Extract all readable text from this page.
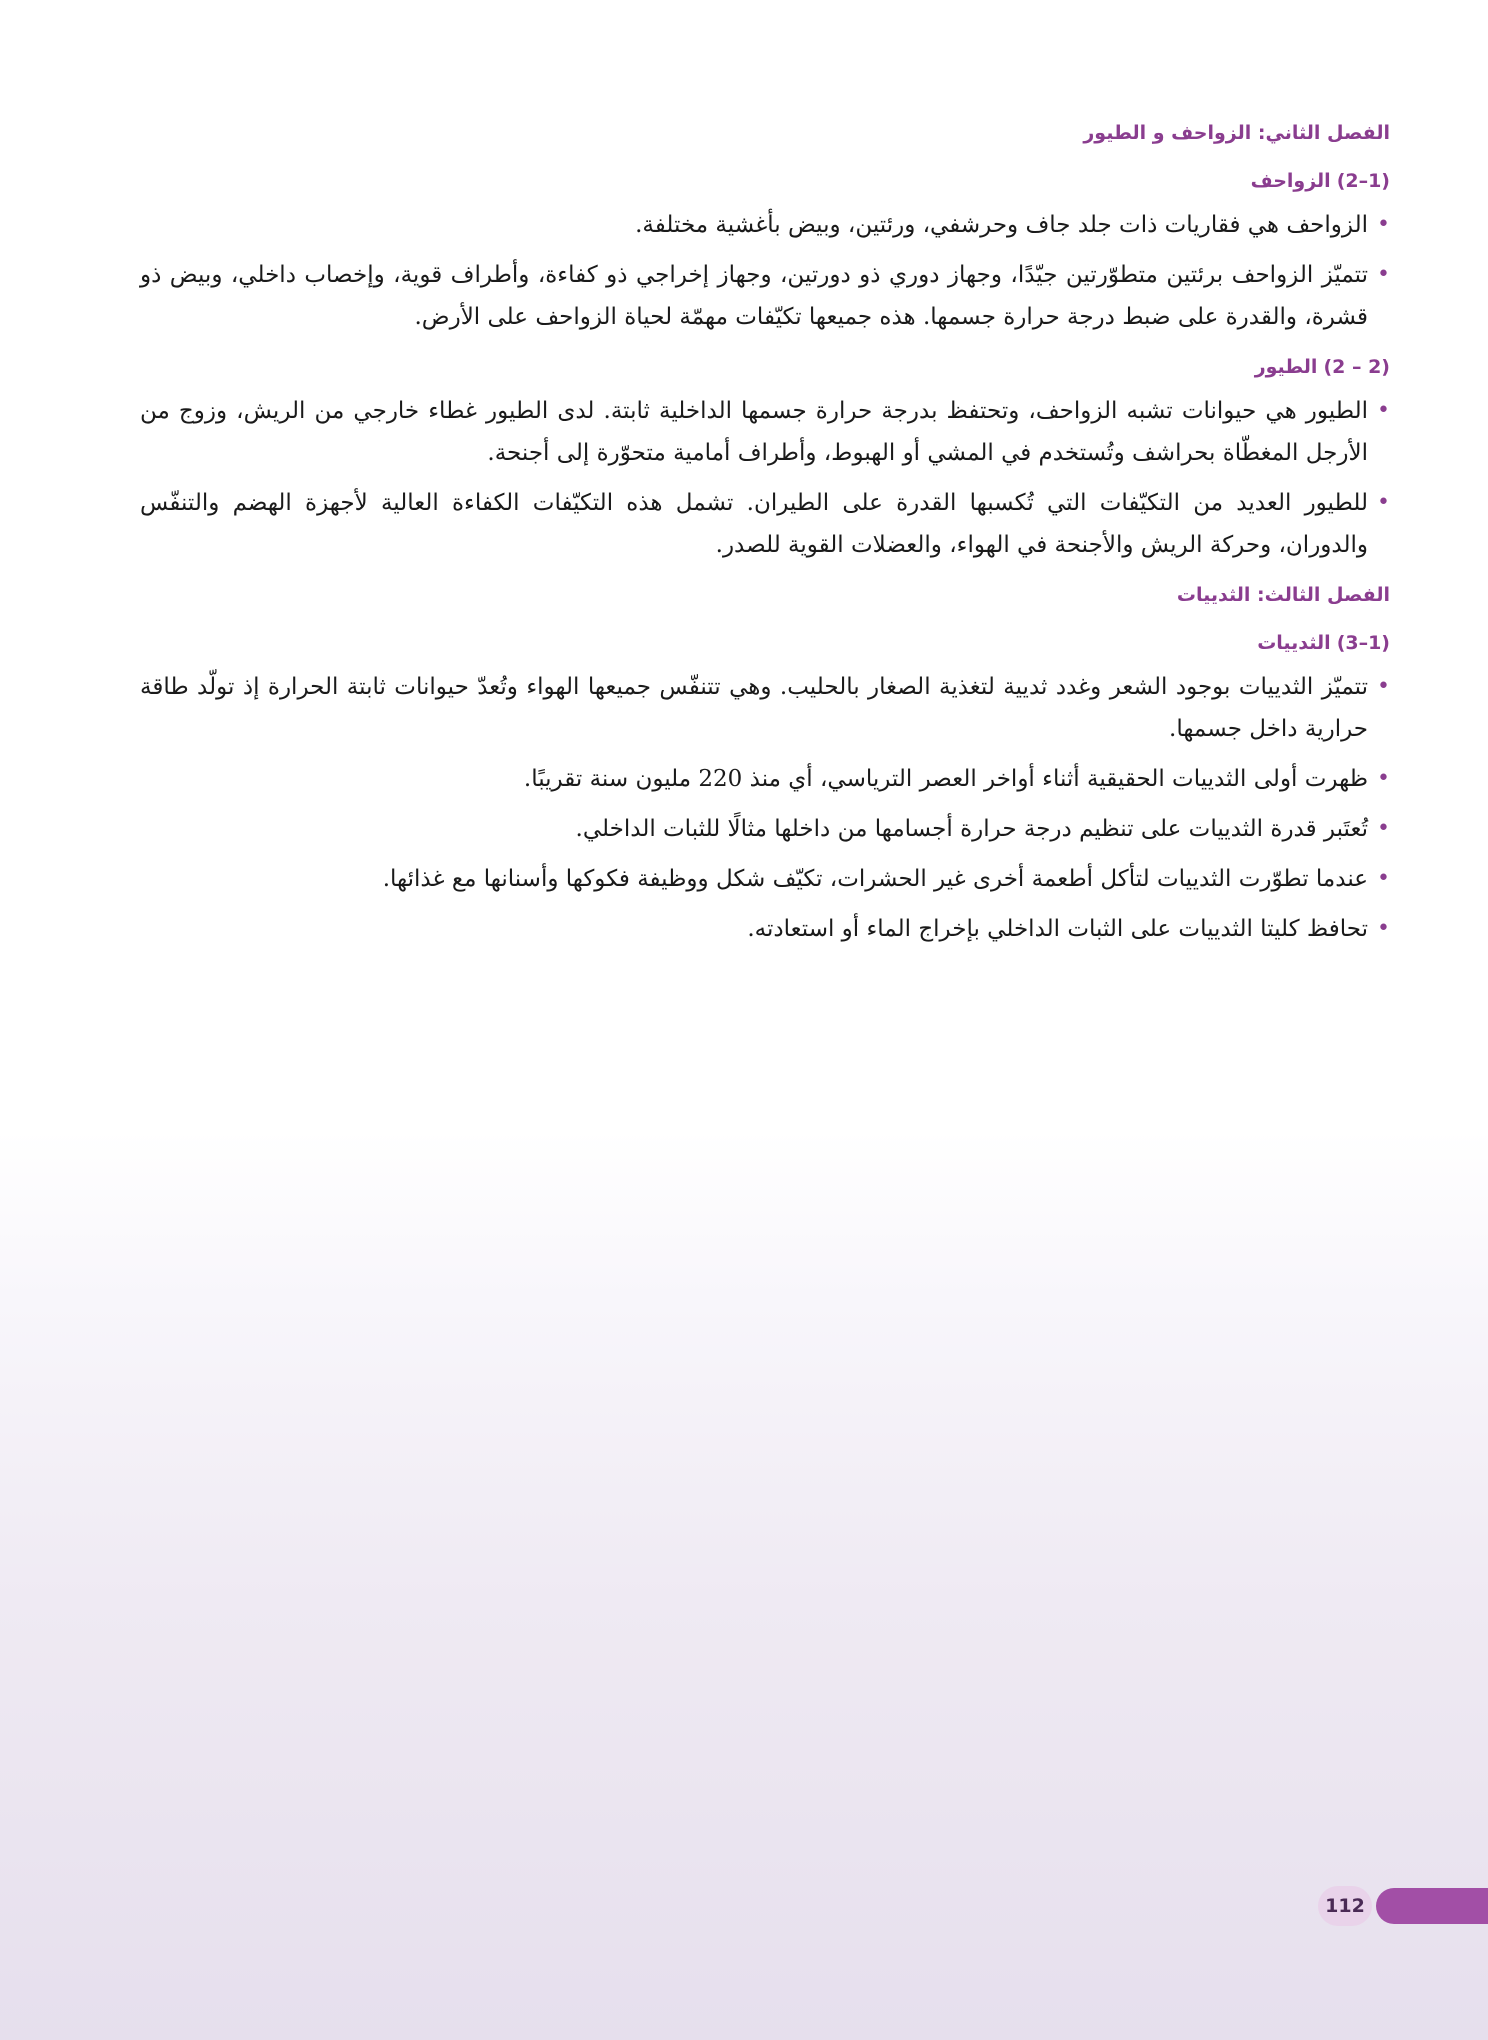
الفصل الثاني: الزواحف و الطيور
(2–1)الزواحف
•
الزواحف هي فقاريات ذات جلد جاف وحرشفي، ورئتين، وبيض بأغشية مختلفة.
•
تتميّز الزواحف برئتين متطوّرتين جيّدًا، وجهاز دوري ذو دورتين، وجهاز إخراجي ذو كفاءة، وأطراف قوية، وإخصاب داخلي، وبيض ذو قشرة، والقدرة على ضبط درجة حرارة جسمها. هذه جميعها تكيّفات مهمّة لحياة الزواحف على الأرض.
(2 – 2)الطيور
•
الطيور هي حيوانات تشبه الزواحف، وتحتفظ بدرجة حرارة جسمها الداخلية ثابتة. لدى الطيور غطاء خارجي من الريش، وزوج من الأرجل المغطّاة بحراشف وتُستخدم في المشي أو الهبوط، وأطراف أمامية متحوّرة إلى أجنحة.
•
للطيور العديد من التكيّفات التي تُكسبها القدرة على الطيران. تشمل هذه التكيّفات الكفاءة العالية لأجهزة الهضم والتنفّس والدوران، وحركة الريش والأجنحة في الهواء، والعضلات القوية للصدر.
الفصل الثالث: الثدييات
(3–1)الثدييات
•
تتميّز الثدييات بوجود الشعر وغدد ثديية لتغذية الصغار بالحليب. وهي تتنفّس جميعها الهواء وتُعدّ حيوانات ثابتة الحرارة إذ تولّد طاقة حرارية داخل جسمها.
•
ظهرت أولى الثدييات الحقيقية أثناء أواخر العصر الترياسي، أي منذ 220 مليون سنة تقريبًا.
•
تُعتَبر قدرة الثدييات على تنظيم درجة حرارة أجسامها من داخلها مثالًا للثبات الداخلي.
•
عندما تطوّرت الثدييات لتأكل أطعمة أخرى غير الحشرات، تكيّف شكل ووظيفة فكوكها وأسنانها مع غذائها.
•
تحافظ كليتا الثدييات على الثبات الداخلي بإخراج الماء أو استعادته.
112
